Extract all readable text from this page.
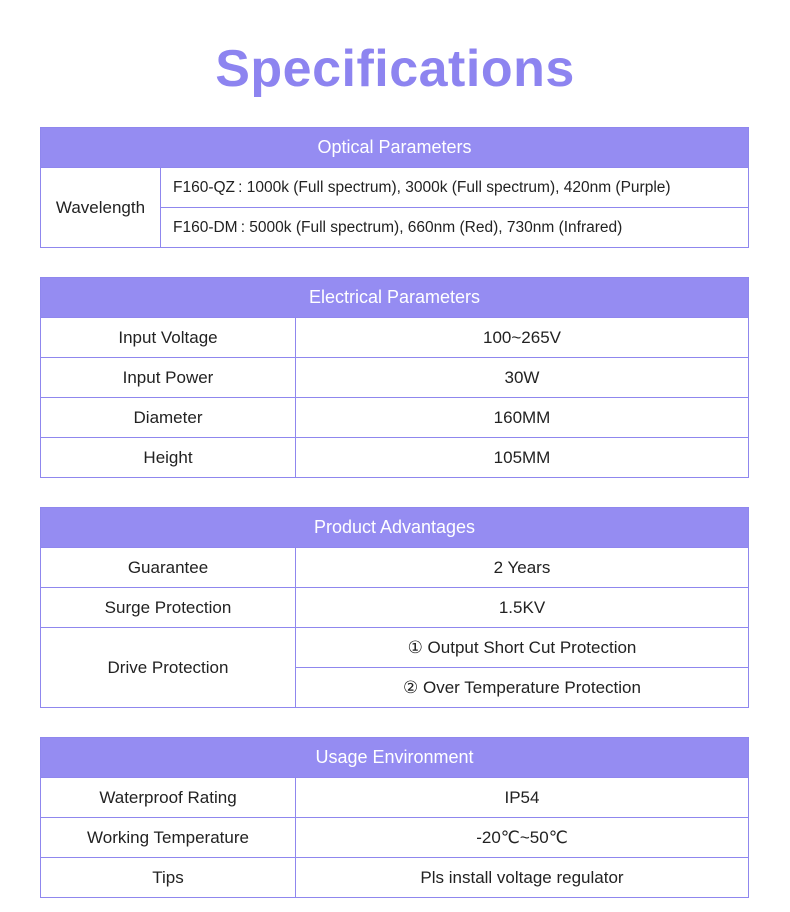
Specifications
Optical Parameters
Wavelength	F160-QZ : 1000k (Full spectrum), 3000k (Full spectrum), 420nm (Purple)
F160-DM : 5000k (Full spectrum), 660nm (Red), 730nm (Infrared)
Electrical Parameters	
Input Voltage	100~265V
Input Power	30W
Diameter	160MM
Height	105MM
Product Advantages	
Guarantee	2 Years
Surge Protection	1.5KV
Drive Protection	① Output Short Cut Protection
	② Over Temperature Protection
Usage Environment	
Waterproof Rating	IP54
Working Temperature	-20℃~50℃
Tips	Pls install voltage regulator
